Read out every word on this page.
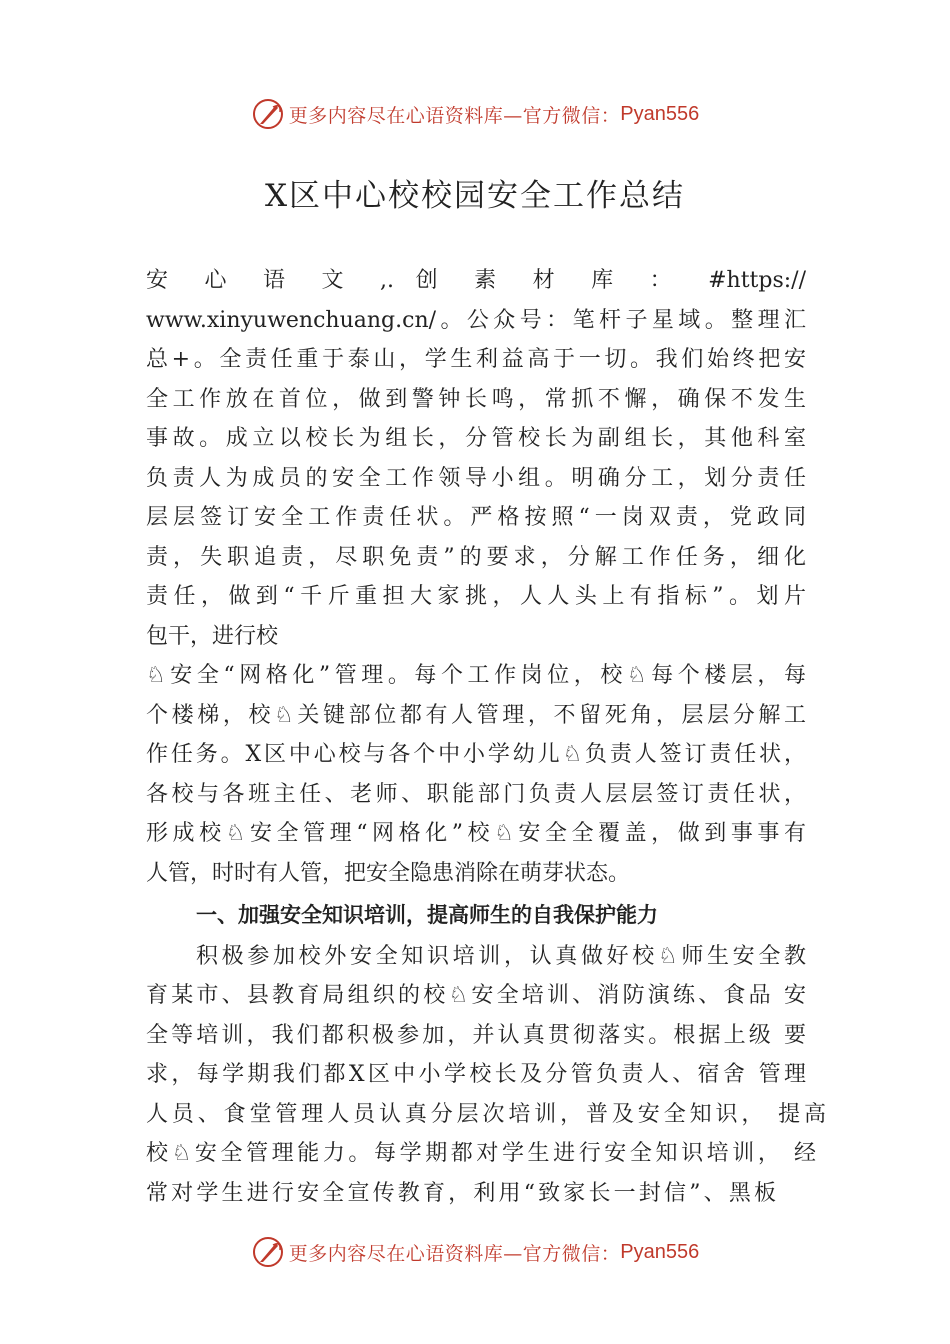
更多内容尽在心语资料库—官方微信： Pyan556
X区中心校校园安全工作总结
安 心 语 文 ,. 创 素 材 库 ： #https://
www.xinyuwenchuang.cn/。公众号：笔杆子星域。整理汇
总+。全责任重于泰山，学生利益高于一切。我们始终把安
全工作放在首位，做到警钟长鸣，常抓不懈，确保不发生
事故。成立以校长为组长，分管校长为副组长，其他科室
负责人为成员的安全工作领导小组。明确分工，划分责任
层层签订安全工作责任状。严格按照“一岗双责，党政同
责，失职追责，尽职免责”的要求，分解工作任务，细化
责任，做到“千斤重担大家挑，人人头上有指标”。划片
包干，进行校
♘安全“网格化”管理。每个工作岗位，校♘每个楼层，每
个楼梯，校♘关键部位都有人管理，不留死角，层层分解工
作任务。X区中心校与各个中小学幼儿♘负责人签订责任状，
各校与各班主任、老师、职能部门负责人层层签订责任状，
形成校♘安全管理“网格化”校♘安全全覆盖，做到事事有
人管，时时有人管，把安全隐患消除在萌芽状态。
一、加强安全知识培训，提高师生的自我保护能力
积极参加校外安全知识培训，认真做好校♘师生安全教
育某市、县教育局组织的校♘安全培训、消防演练、食品 安
全等培训，我们都积极参加，并认真贯彻落实。根据上级 要
求，每学期我们都X区中小学校长及分管负责人、宿舍 管理
人员、食堂管理人员认真分层次培训，普及安全知识， 提高
校♘安全管理能力。每学期都对学生进行安全知识培训， 经
常对学生进行安全宣传教育，利用“致家长一封信”、黑板
更多内容尽在心语资料库—官方微信： Pyan556
